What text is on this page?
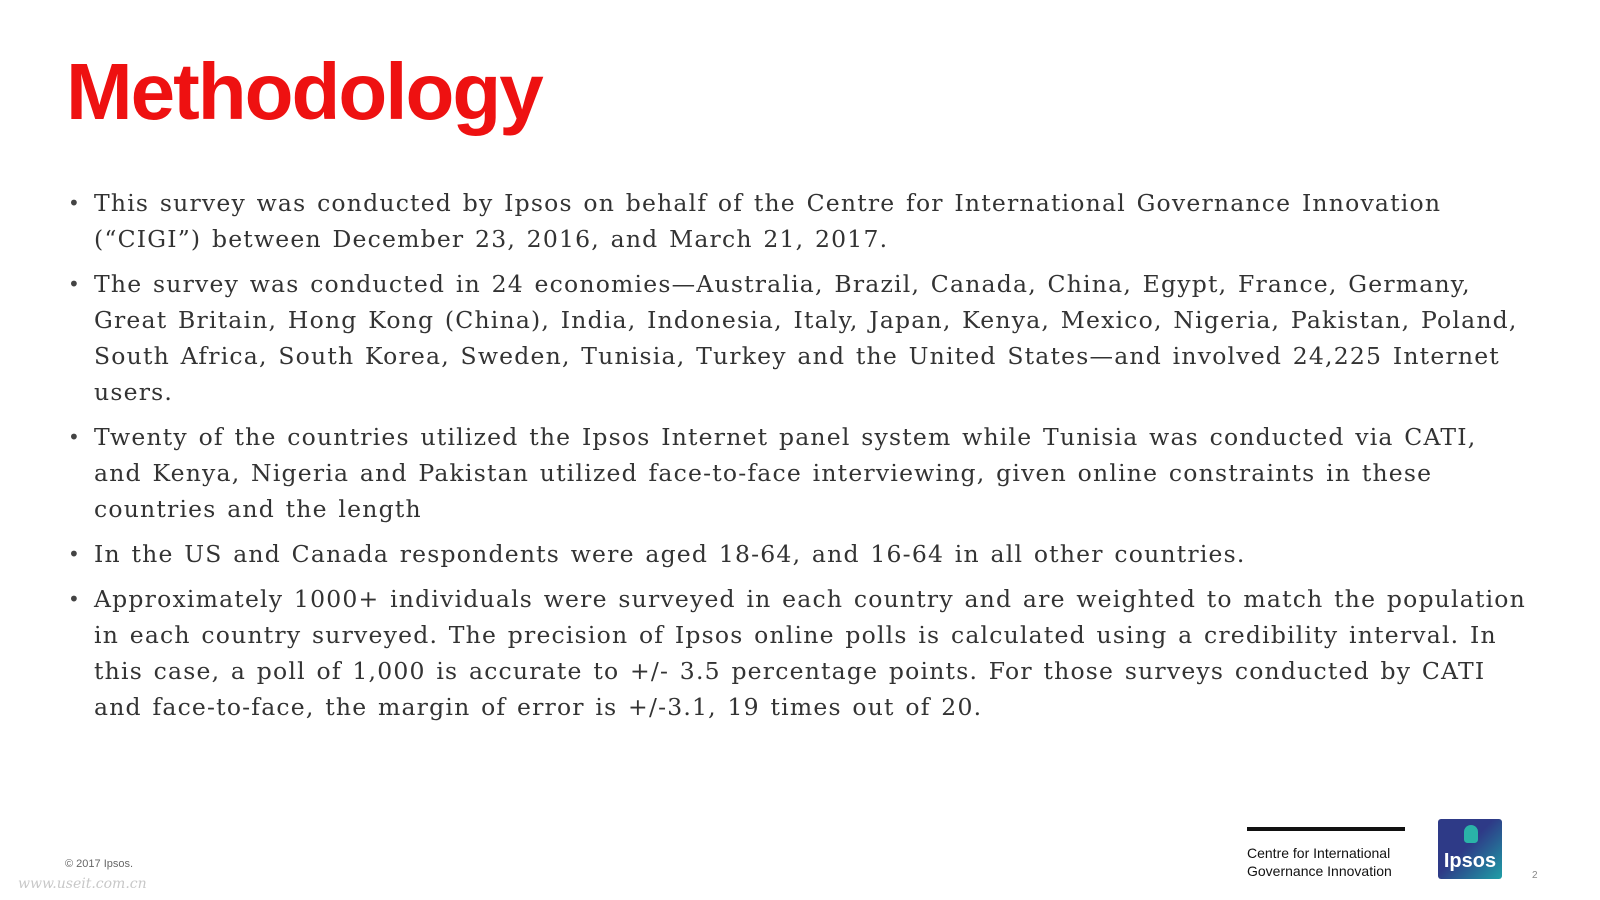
Methodology
• This survey was conducted by Ipsos on behalf of the Centre for International Governance Innovation (“CIGI”) between December 23, 2016, and March 21, 2017.
• The survey was conducted in 24 economies—Australia, Brazil, Canada, China, Egypt, France, Germany, Great Britain, Hong Kong (China), India, Indonesia, Italy, Japan, Kenya, Mexico, Nigeria, Pakistan, Poland, South Africa, South Korea, Sweden, Tunisia, Turkey and the United States—and involved 24,225 Internet users.
• Twenty of the countries utilized the Ipsos Internet panel system while Tunisia was conducted via CATI, and Kenya, Nigeria and Pakistan utilized face-to-face interviewing, given online constraints in these countries and the length
• In the US and Canada respondents were aged 18-64, and 16-64 in all other countries.
• Approximately 1000+ individuals were surveyed in each country and are weighted to match the population in each country surveyed. The precision of Ipsos online polls is calculated using a credibility interval. In this case, a poll of 1,000 is accurate to +/- 3.5 percentage points. For those surveys conducted by CATI and face-to-face, the margin of error is +/-3.1, 19 times out of 20.
© 2017 Ipsos.
www.useit.com.cn
Centre for International
Governance Innovation	Ipsos
2
